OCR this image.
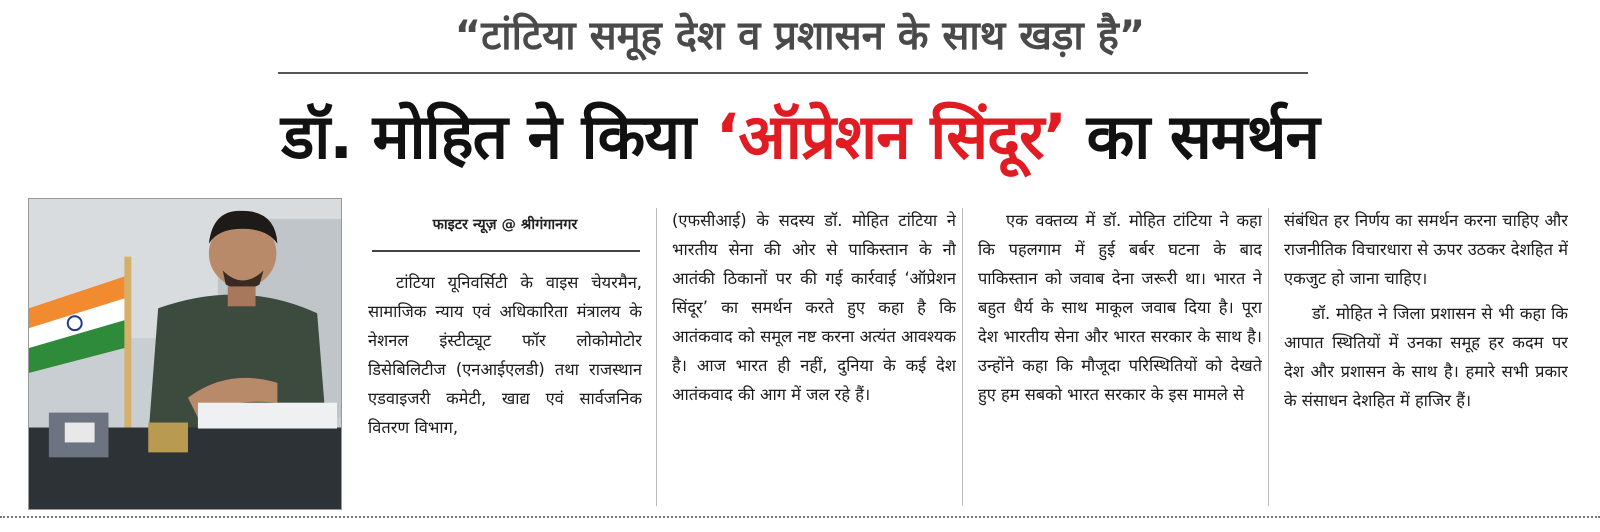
“टांटिया समूह देश व प्रशासन के साथ खड़ा है”
डॉ. मोहित ने किया ‘ऑप्रेशन सिंदूर’ का समर्थन
फाइटर न्यूज़ @ श्रीगंगानगर

टांटिया यूनिवर्सिटी के वाइस चेयरमैन, सामाजिक न्याय एवं अधिकारिता मंत्रालय के नेशनल इंस्टीट्यूट फॉर लोकोमोटोर डिसेबिलिटीज (एनआईएलडी) तथा राजस्थान एडवाइजरी कमेटी, खाद्य एवं सार्वजनिक वितरण विभाग,

(एफसीआई) के सदस्य डॉ. मोहित टांटिया ने भारतीय सेना की ओर से पाकिस्तान के नौ आतंकी ठिकानों पर की गई कार्रवाई ‘ऑप्रेशन सिंदूर’ का समर्थन करते हुए कहा है कि आतंकवाद को समूल नष्ट करना अत्यंत आवश्यक है। आज भारत ही नहीं, दुनिया के कई देश आतंकवाद की आग में जल रहे हैं।

एक वक्तव्य में डॉ. मोहित टांटिया ने कहा कि पहलगाम में हुई बर्बर घटना के बाद पाकिस्तान को जवाब देना जरूरी था। भारत ने बहुत धैर्य के साथ माकूल जवाब दिया है। पूरा देश भारतीय सेना और भारत सरकार के साथ है। उन्होंने कहा कि मौजूदा परिस्थितियों को देखते हुए हम सबको भारत सरकार के इस मामले से

संबंधित हर निर्णय का समर्थन करना चाहिए और राजनीतिक विचारधारा से ऊपर उठकर देशहित में एकजुट हो जाना चाहिए।

डॉ. मोहित ने जिला प्रशासन से भी कहा कि आपात स्थितियों में उनका समूह हर कदम पर देश और प्रशासन के साथ है। हमारे सभी प्रकार के संसाधन देशहित में हाजिर हैं।
